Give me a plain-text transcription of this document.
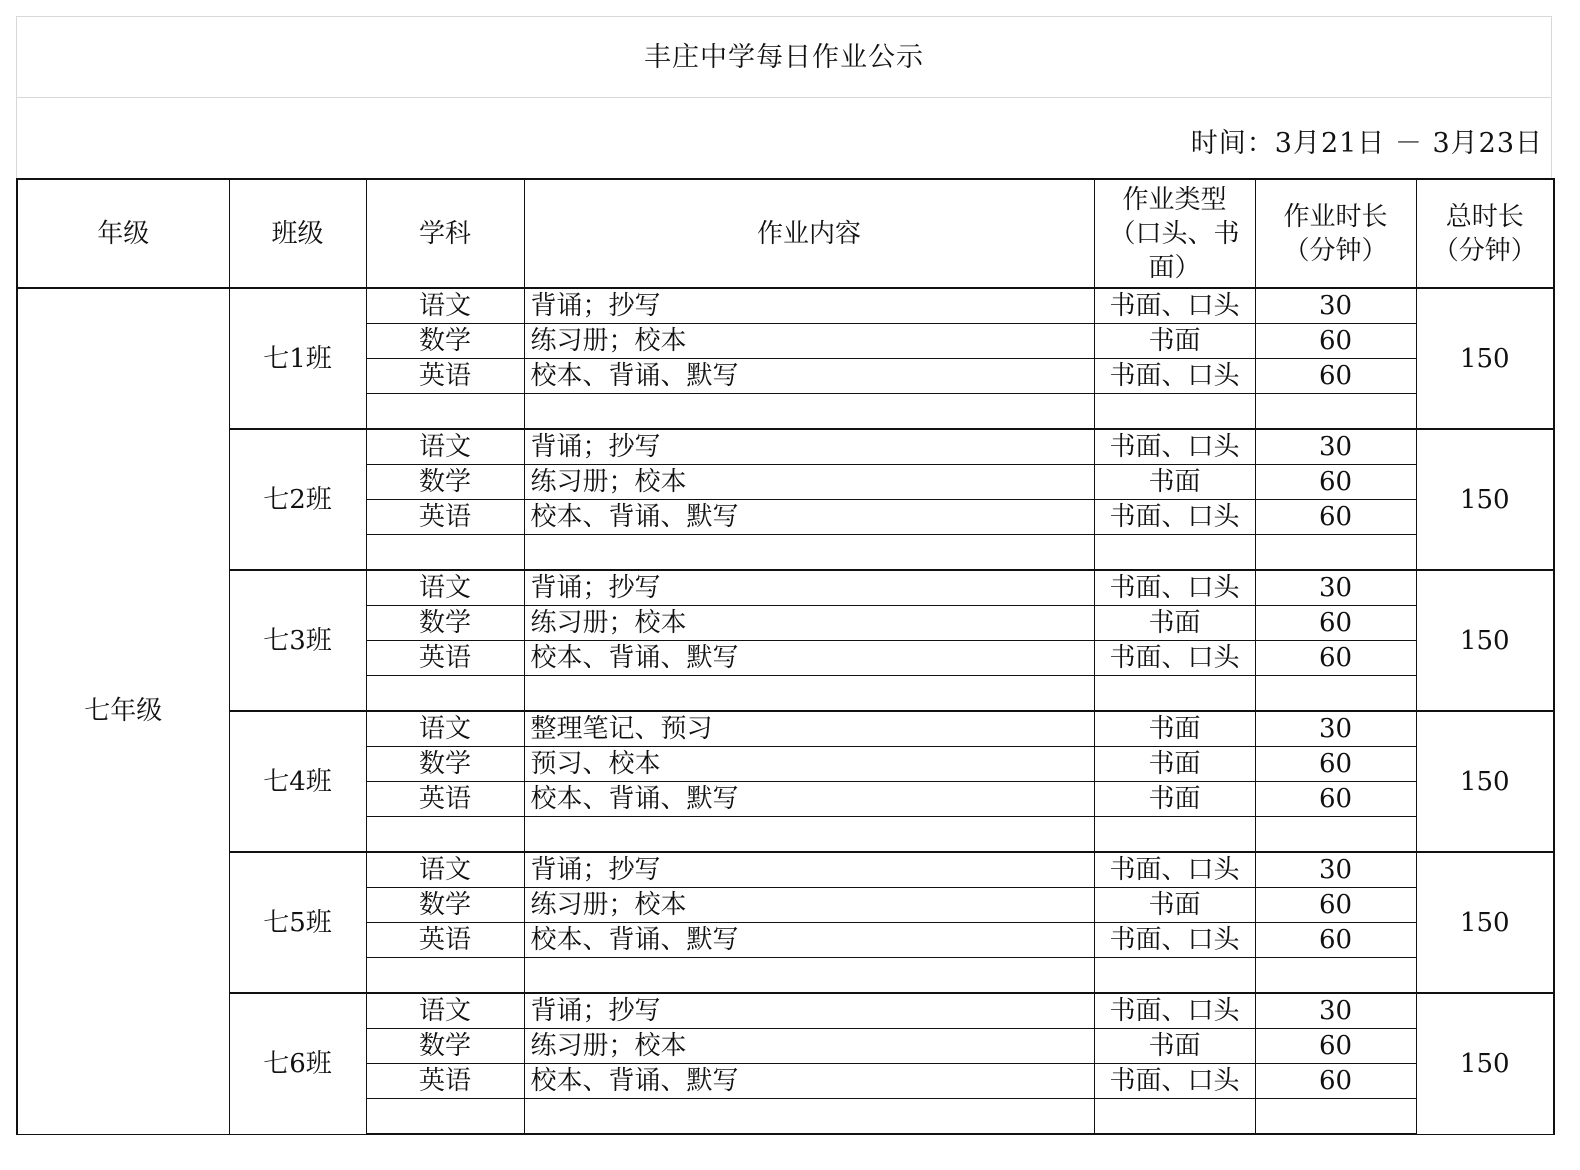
丰庄中学每日作业公示
时间：3月21日 － 3月23日
年级	班级	学科	作业内容	作业类型（口头、书面）	作业时长（分钟）	总时长（分钟）
七年级	七1班	语文	背诵；抄写	书面、口头	30	150
		数学	练习册；校本	书面	60	
		英语	校本、背诵、默写	书面、口头	60	

	七2班	语文	背诵；抄写	书面、口头	30	150
		数学	练习册；校本	书面	60	
		英语	校本、背诵、默写	书面、口头	60	

	七3班	语文	背诵；抄写	书面、口头	30	150
		数学	练习册；校本	书面	60	
		英语	校本、背诵、默写	书面、口头	60	

	七4班	语文	整理笔记、预习	书面	30	150
		数学	预习、校本	书面	60	
		英语	校本、背诵、默写	书面	60	

	七5班	语文	背诵；抄写	书面、口头	30	150
		数学	练习册；校本	书面	60	
		英语	校本、背诵、默写	书面、口头	60	

	七6班	语文	背诵；抄写	书面、口头	30	150
		数学	练习册；校本	书面	60	
		英语	校本、背诵、默写	书面、口头	60	
